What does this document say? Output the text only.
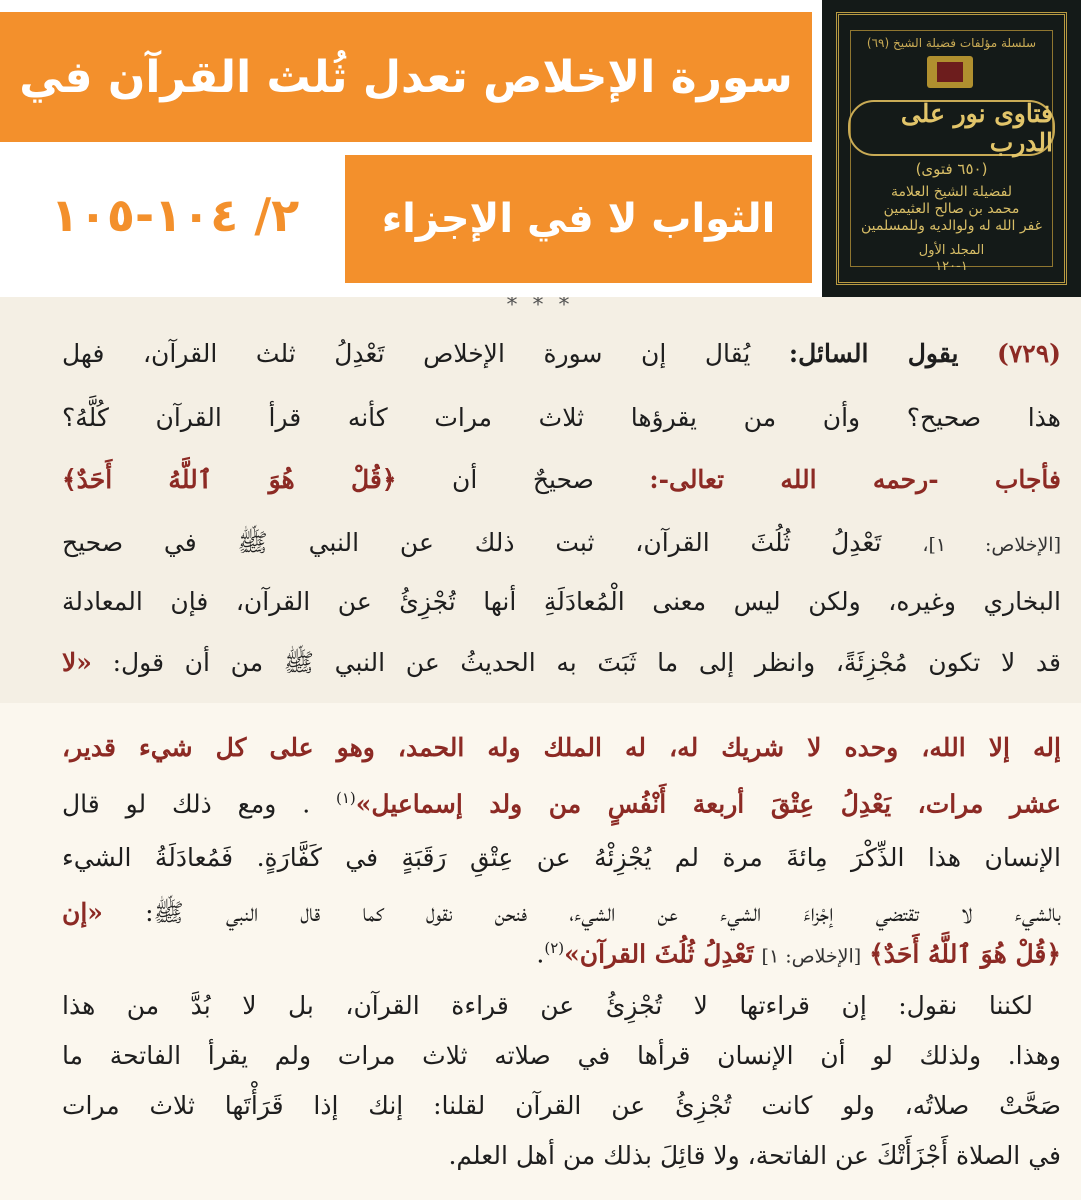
سورة الإخلاص تعدل ثُلث القرآن في
الثواب لا في الإجزاء
٢/ ١٠٤-١٠٥
سلسلة مؤلفات فضيلة الشيخ (٦٩)
فتاوى نور على الدرب
(٦٥٠ فتوى)
لفضيلة الشيخ العلامة
محمد بن صالح العثيمين
غفر الله له ولوالديه وللمسلمين
المجلد الأول
١-١٢٠
* * *
(٧٢٩) يقول السائل: يُقال إن سورة الإخلاص تَعْدِلُ ثلث القرآن، فهل
هذا صحيح؟ وأن من يقرؤها ثلاث مرات كأنه قرأ القرآن كُلَّهُ؟
فأجاب -رحمه الله تعالى-: صحيحٌ أن ﴿قُلْ هُوَ ٱللَّهُ أَحَدٌ﴾
[الإخلاص: ١]، تَعْدِلُ ثُلُثَ القرآن، ثبت ذلك عن النبي ﷺ في صحيح
البخاري وغيره، ولكن ليس معنى الْمُعادَلَةِ أنها تُجْزِئُ عن القرآن، فإن المعادلة
قد لا تكون مُجْزِئَةً، وانظر إلى ما ثَبَتَ به الحديثُ عن النبي ﷺ من أن قول: «لا
إله إلا الله، وحده لا شريك له، له الملك وله الحمد، وهو على كل شيء قدير،
عشر مرات، يَعْدِلُ عِتْقَ أربعة أَنْفُسٍ من ولد إسماعيل»$^{(١)}$ . ومع ذلك لو قال
الإنسان هذا الذِّكْرَ مِائةَ مرة لم يُجْزِئْهُ عن عِتْقِ رَقَبَةٍ في كَفَّارَةٍ. فَمُعادَلَةُ الشيء
بالشيء لا تقتضي إجْزاءَ الشيء عن الشيء، فنحن نقول كما قال النبي ﷺ: «إن
﴿قُلْ هُوَ ٱللَّهُ أَحَدٌ﴾ [الإخلاص: ١] تَعْدِلُ ثُلُثَ القرآن»$^{(٢)}$.
لكننا نقول: إن قراءتها لا تُجْزِئُ عن قراءة القرآن، بل لا بُدَّ من هذا
وهذا. ولذلك لو أن الإنسان قرأها في صلاته ثلاث مرات ولم يقرأ الفاتحة ما
صَحَّتْ صلاتُه، ولو كانت تُجْزِئُ عن القرآن لقلنا: إنك إذا قَرَأْتَها ثلاث مرات
في الصلاة أَجْزَأَتْكَ عن الفاتحة، ولا قائِلَ بذلك من أهل العلم.
